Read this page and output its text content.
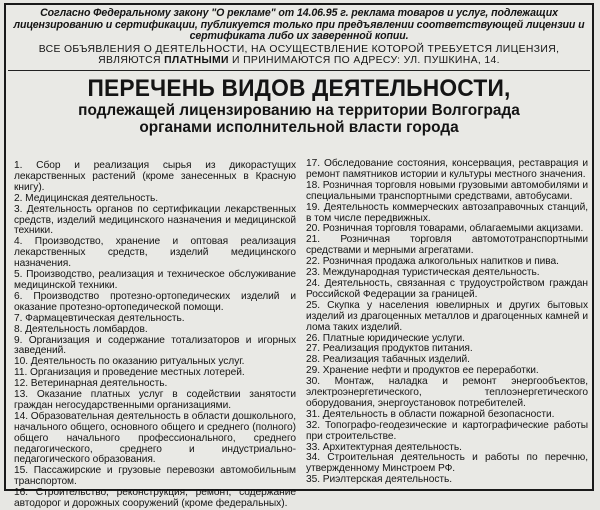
Согласно Федеральному закону "О рекламе" от 14.06.95 г. реклама товаров и услуг, подлежащих лицензированию и сертификации, публикуется только при предъявлении соответствующей лицензии и сертификата либо их заверенной копии.
ВСЕ ОБЪЯВЛЕНИЯ О ДЕЯТЕЛЬНОСТИ, НА ОСУЩЕСТВЛЕНИЕ КОТОРОЙ ТРЕБУЕТСЯ ЛИЦЕНЗИЯ, ЯВЛЯЮТСЯ ПЛАТНЫМИ И ПРИНИМАЮТСЯ ПО АДРЕСУ: УЛ. ПУШКИНА, 14.
ПЕРЕЧЕНЬ ВИДОВ ДЕЯТЕЛЬНОСТИ,
подлежащей лицензированию на территории Волгограда
органами исполнительной власти города

1. Сбор и реализация сырья из дикорастущих лекарственных растений (кроме занесенных в Красную книгу).

2. Медицинская деятельность.

3. Деятельность органов по сертификации лекарственных средств, изделий медицинского назначения и медицинской техники.

4. Производство, хранение и оптовая реализация лекарственных средств, изделий медицинского назначения.

5. Производство, реализация и техническое обслуживание медицинской техники.

6. Производство протезно-ортопедических изделий и оказание протезно-ортопедической помощи.

7. Фармацевтическая деятельность.

8. Деятельность ломбардов.

9. Организация и содержание тотализаторов и игорных заведений.

10. Деятельность по оказанию ритуальных услуг.

11. Организация и проведение местных лотерей.

12. Ветеринарная деятельность.

13. Оказание платных услуг в содействии занятости граждан негосударственными организациями.

14. Образовательная деятельность в области дошкольного, начального общего, основного общего и среднего (полного) общего начального профессионального, среднего педагогического, среднего и индустриально-педагогического образования.

15. Пассажирские и грузовые перевозки автомобильным транспортом.

16. Строительство, реконструкция, ремонт, содержание автодорог и дорожных сооружений (кроме федеральных).

17. Обследование состояния, консервация, реставрация и ремонт памятников истории и культуры местного значения.

18. Розничная торговля новыми грузовыми автомобилями и специальными транспортными средствами, автобусами.

19. Деятельность коммерческих автозаправочных станций, в том числе передвижных.

20. Розничная торговля товарами, облагаемыми акцизами.

21. Розничная торговля автомототранспортными средствами и мерными агрегатами.

22. Розничная продажа алкогольных напитков и пива.

23. Международная туристическая деятельность.

24. Деятельность, связанная с трудоустройством граждан Российской Федерации за границей.

25. Скупка у населения ювелирных и других бытовых изделий из драгоценных металлов и драгоценных камней и лома таких изделий.

26. Платные юридические услуги.

27. Реализация продуктов питания.

28. Реализация табачных изделий.

29. Хранение нефти и продуктов ее переработки.

30. Монтаж, наладка и ремонт энергообъектов, электроэнергетического, теплоэнергетического оборудования, энергоустановок потребителей.

31. Деятельность в области пожарной безопасности.

32. Топографо-геодезические и картографические работы при строительстве.

33. Архитектурная деятельность.

34. Строительная деятельность и работы по перечню, утвержденному Минстроем РФ.

35. Риэлтерская деятельность.
